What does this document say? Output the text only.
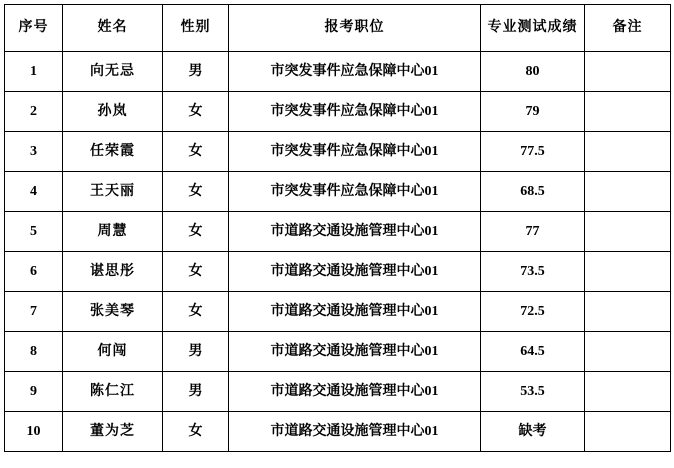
序号	姓名	性别	报考职位	专业测试成绩	备注
1	向无忌	男	市突发事件应急保障中心01	80	
2	孙岚	女	市突发事件应急保障中心01	79	
3	任荣霞	女	市突发事件应急保障中心01	77.5	
4	王天丽	女	市突发事件应急保障中心01	68.5	
5	周慧	女	市道路交通设施管理中心01	77	
6	谌思彤	女	市道路交通设施管理中心01	73.5	
7	张美琴	女	市道路交通设施管理中心01	72.5	
8	何闯	男	市道路交通设施管理中心01	64.5	
9	陈仁江	男	市道路交通设施管理中心01	53.5	
10	董为芝	女	市道路交通设施管理中心01	缺考	
